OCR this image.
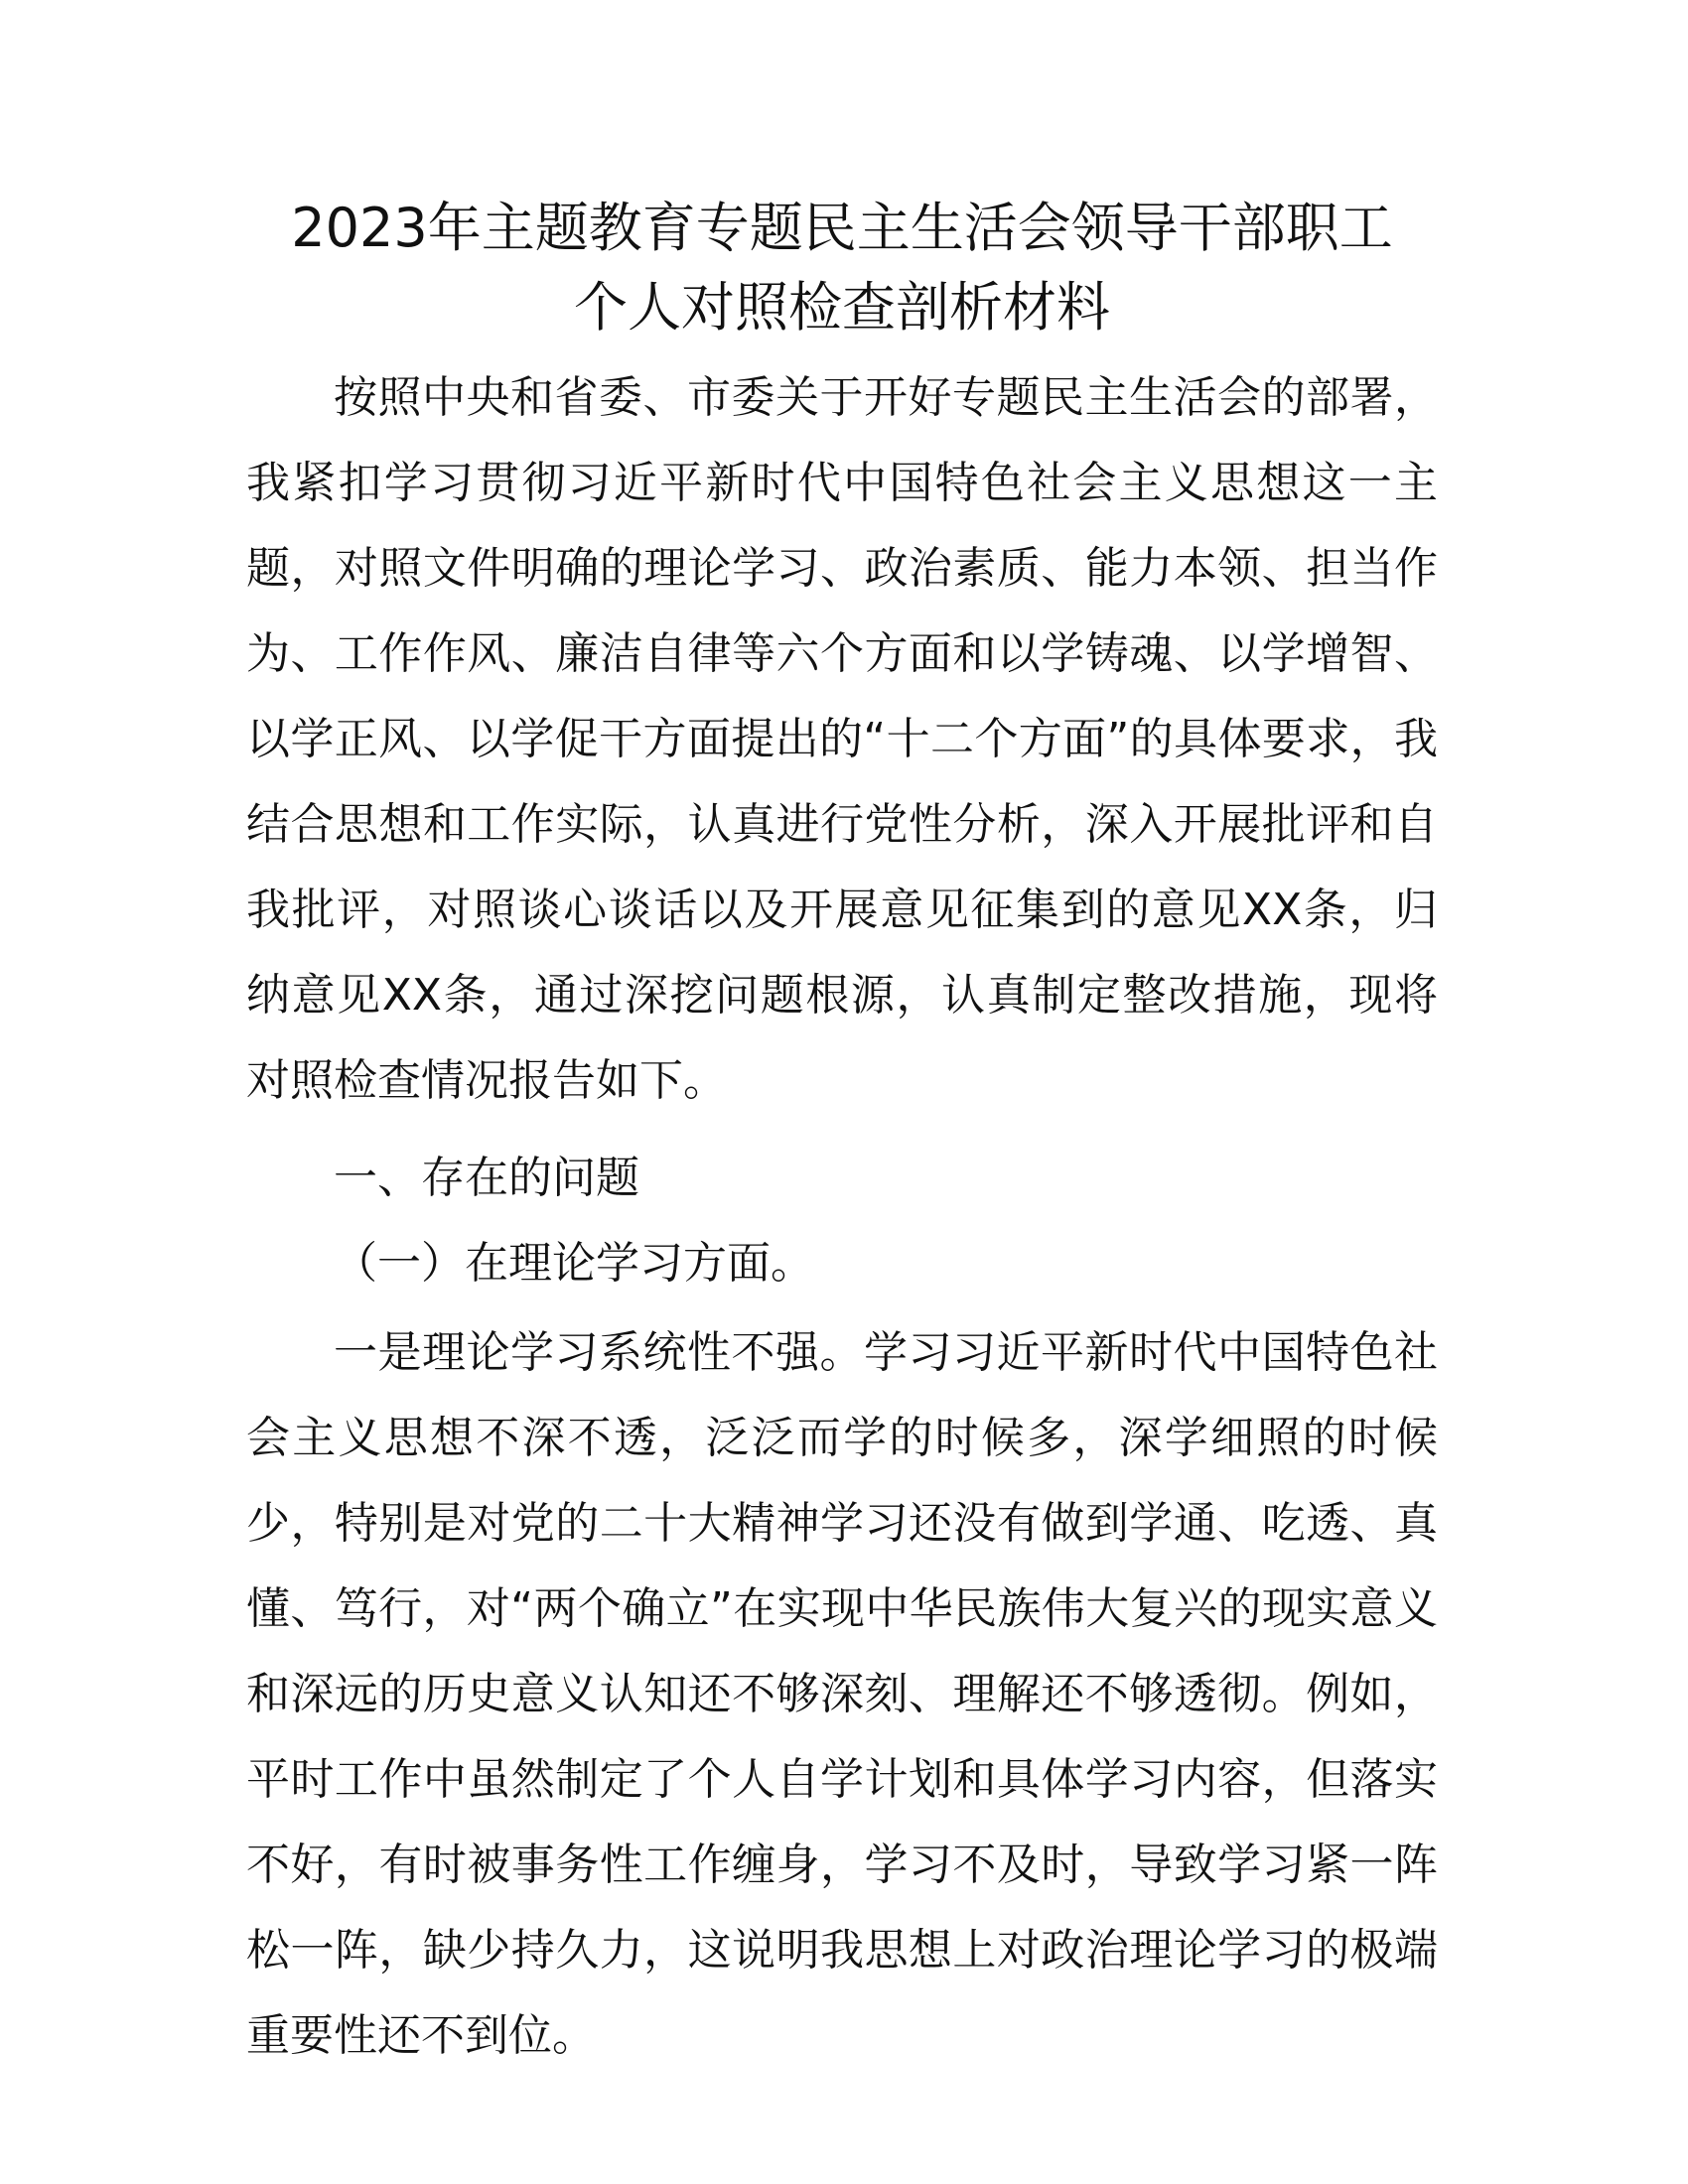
2023年主题教育专题民主生活会领导干部职工
个人对照检查剖析材料

按照中央和省委、市委关于开好专题民主生活会的部署，我紧扣学习贯彻习近平新时代中国特色社会主义思想这一主题，对照文件明确的理论学习、政治素质、能力本领、担当作为、工作作风、廉洁自律等六个方面和以学铸魂、以学增智、以学正风、以学促干方面提出的“十二个方面”的具体要求，我结合思想和工作实际，认真进行党性分析，深入开展批评和自我批评，对照谈心谈话以及开展意见征集到的意见XX条，归纳意见XX条，通过深挖问题根源，认真制定整改措施，现将对照检查情况报告如下。

一、存在的问题

（一）在理论学习方面。

一是理论学习系统性不强。学习习近平新时代中国特色社会主义思想不深不透，泛泛而学的时候多，深学细照的时候少，特别是对党的二十大精神学习还没有做到学通、吃透、真懂、笃行，对“两个确立”在实现中华民族伟大复兴的现实意义和深远的历史意义认知还不够深刻、理解还不够透彻。例如，平时工作中虽然制定了个人自学计划和具体学习内容，但落实不好，有时被事务性工作缠身，学习不及时，导致学习紧一阵松一阵，缺少持久力，这说明我思想上对政治理论学习的极端重要性还不到位。
